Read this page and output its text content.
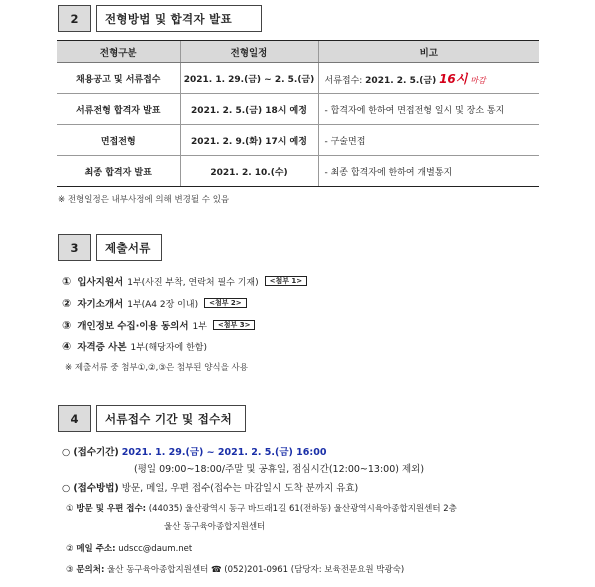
2	전형방법 및 합격자 발표
전형구분	전형일정	비고
채용공고 및 서류접수	2021. 1. 29.(금) ~ 2. 5.(금)	서류접수: 2021. 2. 5.(금) 16시 마감
서류전형 합격자 발표	2021. 2. 5.(금) 18시 예정	- 합격자에 한하여 면접전형 일시 및 장소 통지
면접전형	2021. 2. 9.(화) 17시 예정	- 구술면접
최종 합격자 발표	2021. 2. 10.(수)	- 최종 합격자에 한하여 개별통지
※ 전형일정은 내부사정에 의해 변경될 수 있음
3	제출서류
① 입사지원서 1부(사진 부착, 연락처 필수 기재)	<첨부 1>
② 자기소개서 1부(A4 2장 이내)	<첨부 2>
③ 개인정보 수집·이용 동의서 1부	<첨부 3>
④ 자격증 사본 1부(해당자에 한함)
※ 제출서류 중 첨부①,②,③은 첨부된 양식을 사용
4	서류접수 기간 및 접수처
○ (접수기간) 2021. 1. 29.(금) ~ 2021. 2. 5.(금) 16:00
(평일 09:00~18:00/주말 및 공휴일, 점심시간(12:00~13:00) 제외)
○ (접수방법) 방문, 메일, 우편 접수(접수는 마감일시 도착 분까지 유효)
① 방문 및 우편 접수: (44035) 울산광역시 동구 바드래1길 61(전하동) 울산광역시육아종합지원센터 2층
울산 동구육아종합지원센터
② 메일 주소: udscc@daum.net
③ 문의처: 울산 동구육아종합지원센터 ☎ (052)201-0961 (담당자: 보육전문요원 박광숙)
